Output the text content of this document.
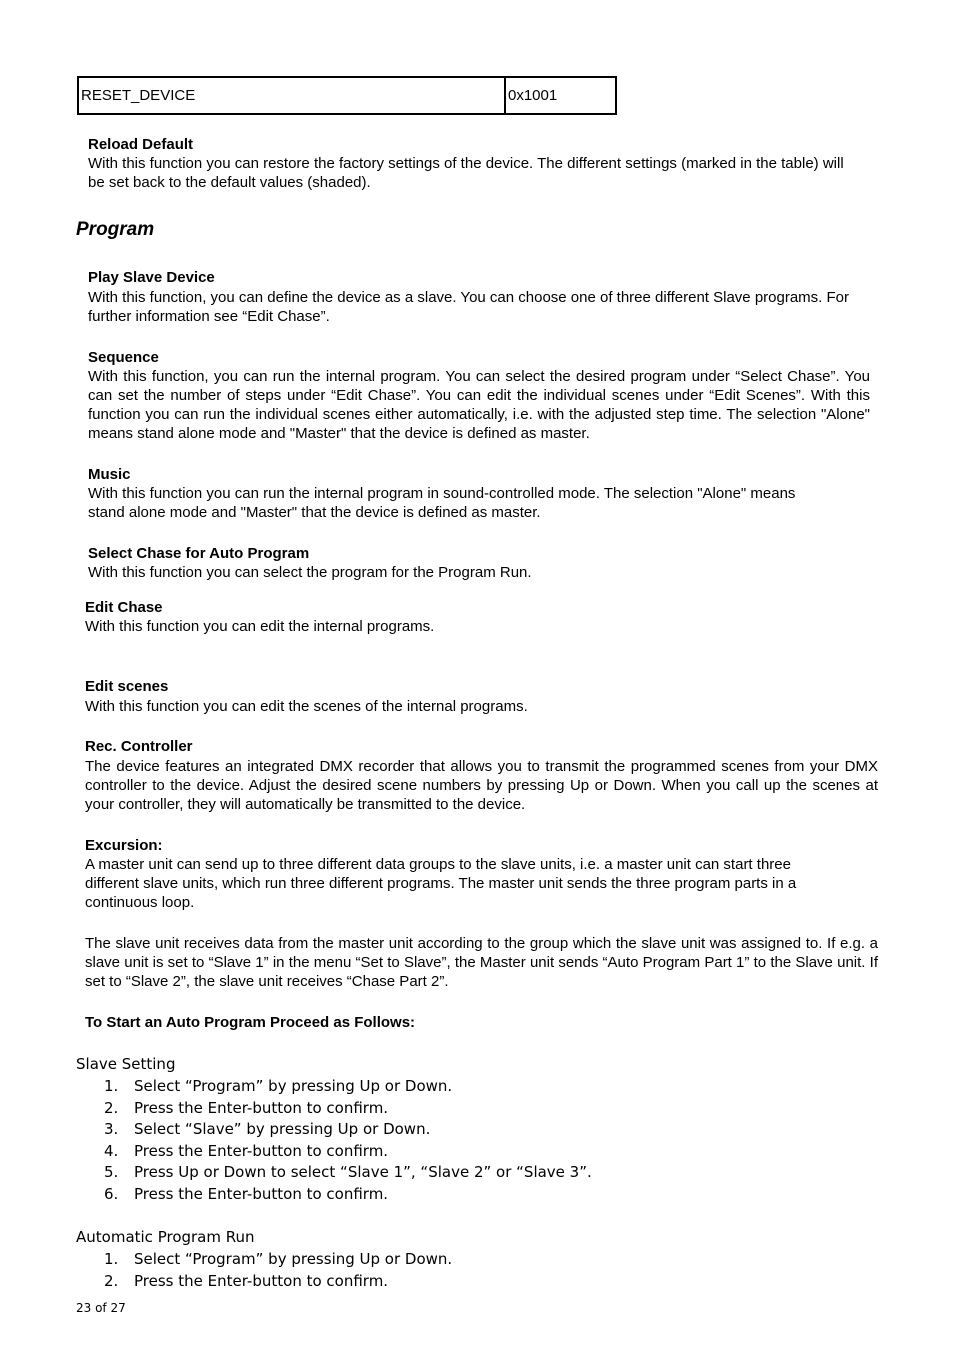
RESET_DEVICE	0x1001
Reload Default
With this function you can restore the factory settings of the device. The different settings (marked in the table) will be set back to the default values (shaded).
Program
Play Slave Device
With this function, you can define the device as a slave. You can choose one of three different Slave programs. For further information see “Edit Chase”.
Sequence
With this function, you can run the internal program. You can select the desired program under “Select Chase”. You can set the number of steps under “Edit Chase”. You can edit the individual scenes under “Edit Scenes”. With this function you can run the individual scenes either automatically, i.e. with the adjusted step time. The selection "Alone" means stand alone mode and "Master" that the device is defined as master.
Music
With this function you can run the internal program in sound-controlled mode. The selection "Alone" means stand alone mode and "Master" that the device is defined as master.
Select Chase for Auto Program
With this function you can select the program for the Program Run.
Edit Chase
With this function you can edit the internal programs.
Edit scenes
With this function you can edit the scenes of the internal programs.
Rec. Controller
The device features an integrated DMX recorder that allows you to transmit the programmed scenes from your DMX controller to the device. Adjust the desired scene numbers by pressing Up or Down. When you call up the scenes at your controller, they will automatically be transmitted to the device.
Excursion:
A master unit can send up to three different data groups to the slave units, i.e. a master unit can start three different slave units, which run three different programs. The master unit sends the three program parts in a continuous loop.
The slave unit receives data from the master unit according to the group which the slave unit was assigned to. If e.g. a slave unit is set to “Slave 1” in the menu “Set to Slave”, the Master unit sends “Auto Program Part 1” to the Slave unit. If set to “Slave 2”, the slave unit receives “Chase Part 2”.
To Start an Auto Program Proceed as Follows:
Slave Setting
1. Select “Program” by pressing Up or Down.
2. Press the Enter-button to confirm.
3. Select “Slave” by pressing Up or Down.
4. Press the Enter-button to confirm.
5. Press Up or Down to select “Slave 1”, “Slave 2” or “Slave 3”.
6. Press the Enter-button to confirm.
Automatic Program Run
1. Select “Program” by pressing Up or Down.
2. Press the Enter-button to confirm.
23 of 27
